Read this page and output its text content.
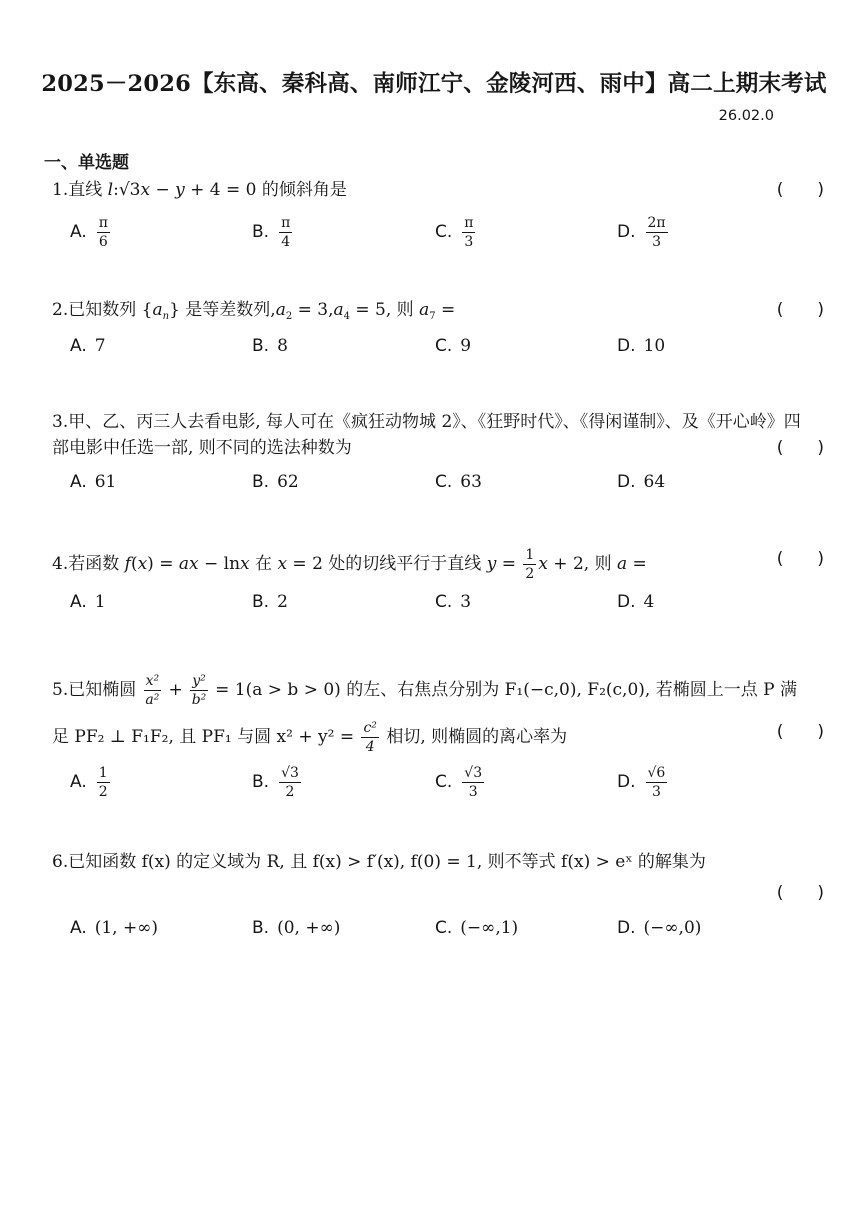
2025－2026【东高、秦科高、南师江宁、金陵河西、雨中】高二上期末考试
26.02.0
一、单选题
1.直线 l:√3x − y + 4 = 0 的倾斜角是	( )
A. $\frac{\pi}{6}$	B. $\frac{\pi}{4}$	C. $\frac{\pi}{3}$	D. $\frac{2\pi}{3}$
2.已知数列 $\{a_n\}$ 是等差数列$,a_2 = 3,a_4 = 5$, 则 $a_7$ =	( )
A. 7	B. 8	C. 9	D. 10
3.甲、乙、丙三人去看电影, 每人可在《疯狂动物城 2》、《狂野时代》、《得闲谨制》、及《开心岭》四
部电影中任选一部, 则不同的选法种数为	( )
A. 61	B. 62	C. 63	D. 64
4.若函数 f(x) = ax − lnx 在 x = 2 处的切线平行于直线 $y = \frac{1}{2}$ x + 2, 则 a =	( )
A. 1	B. 2	C. 3	D. 4
5.已知椭圆 $\frac{\text{x²}}{\text{a²}} + \frac{\text{y²}}{\text{b²}} = 1(a > b > 0)$ 的左、右焦点分别为 F₁(−c,0), F₂(c,0), 若椭圆上一点 P 满
足 PF₂ ⊥ F₁F₂, 且 PF₁ 与圆 $x^2 + y^2 = \frac{\text{c²}}{4}$ 相切, 则椭圆的离心率为	( )
A. $\frac{1}{2}$	B. $\frac{√3}{2}$	C. $\frac{√3}{3}$	D. $\frac{√6}{3}$
6.已知函数 f(x) 的定义域为 R, 且 f(x) > f′(x), f(0) = 1, 则不等式 f(x) > eˣ 的解集为
( )
A. (1, +∞)	B. (0, +∞)	C. (−∞,1)	D. (−∞,0)
